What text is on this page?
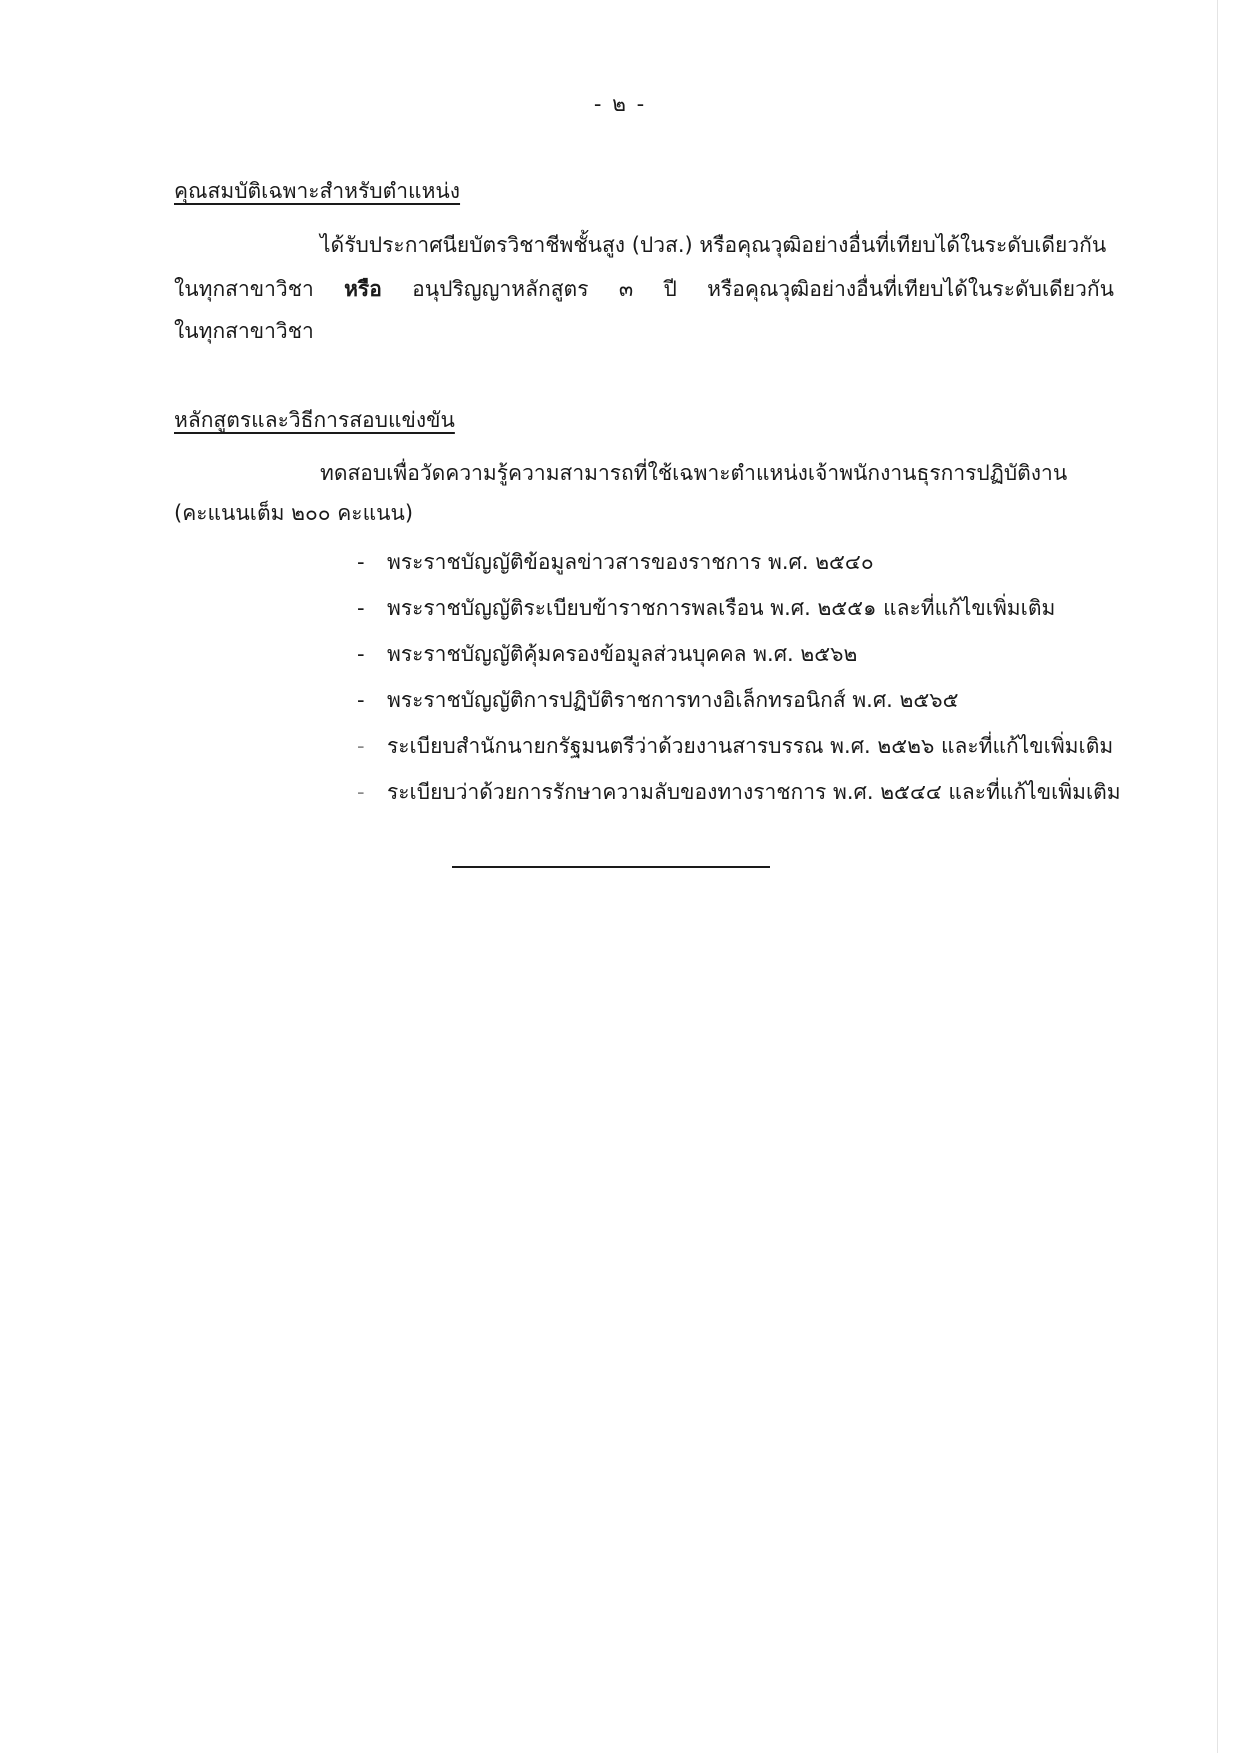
- ๒ -
คุณสมบัติเฉพาะสำหรับตำแหน่ง
ได้รับประกาศนียบัตรวิชาชีพชั้นสูง (ปวส.) หรือคุณวุฒิอย่างอื่นที่เทียบได้ในระดับเดียวกัน
ในทุกสาขาวิชา หรือ อนุปริญญาหลักสูตร ๓ ปี หรือคุณวุฒิอย่างอื่นที่เทียบได้ในระดับเดียวกัน
ในทุกสาขาวิชา
หลักสูตรและวิธีการสอบแข่งขัน
ทดสอบเพื่อวัดความรู้ความสามารถที่ใช้เฉพาะตำแหน่งเจ้าพนักงานธุรการปฏิบัติงาน
(คะแนนเต็ม ๒๐๐ คะแนน)
- พระราชบัญญัติข้อมูลข่าวสารของราชการ พ.ศ. ๒๕๔๐
- พระราชบัญญัติระเบียบข้าราชการพลเรือน พ.ศ. ๒๕๕๑ และที่แก้ไขเพิ่มเติม
- พระราชบัญญัติคุ้มครองข้อมูลส่วนบุคคล พ.ศ. ๒๕๖๒
- พระราชบัญญัติการปฏิบัติราชการทางอิเล็กทรอนิกส์ พ.ศ. ๒๕๖๕
- ระเบียบสำนักนายกรัฐมนตรีว่าด้วยงานสารบรรณ พ.ศ. ๒๕๒๖ และที่แก้ไขเพิ่มเติม
- ระเบียบว่าด้วยการรักษาความลับของทางราชการ พ.ศ. ๒๕๔๔ และที่แก้ไขเพิ่มเติม
